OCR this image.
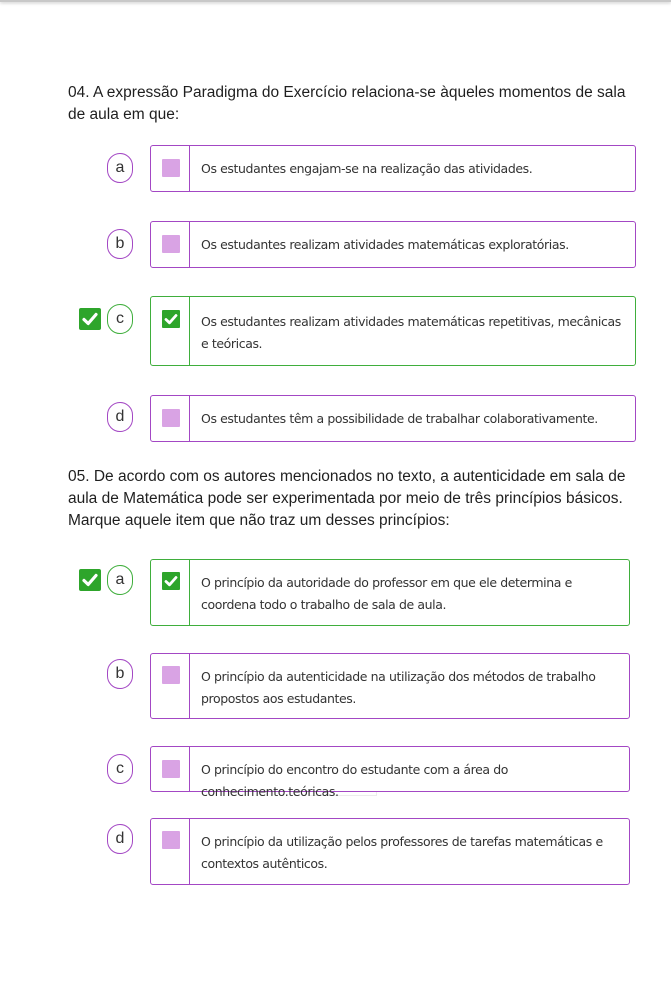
04. A expressão Paradigma do Exercício relaciona-se àqueles momentos de sala de aula em que:
a	Os estudantes engajam-se na realização das atividades.
b	Os estudantes realizam atividades matemáticas exploratórias.
c	Os estudantes realizam atividades matemáticas repetitivas, mecânicas e teóricas.
d	Os estudantes têm a possibilidade de trabalhar colaborativamente.
05. De acordo com os autores mencionados no texto, a autenticidade em sala de aula de Matemática pode ser experimentada por meio de três princípios básicos. Marque aquele item que não traz um desses princípios:
a	O princípio da autoridade do professor em que ele determina e coordena todo o trabalho de sala de aula.
b	O princípio da autenticidade na utilização dos métodos de trabalho propostos aos estudantes.
c	O princípio do encontro do estudante com a área do conhecimento.teóricas.
d	O princípio da utilização pelos professores de tarefas matemáticas e contextos autênticos.
